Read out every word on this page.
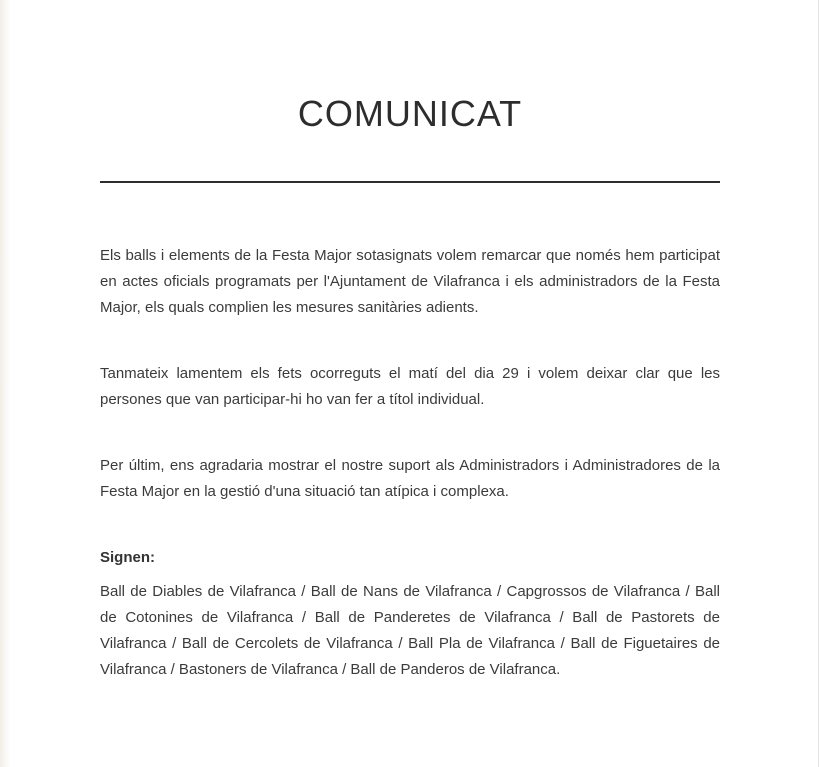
COMUNICAT

Els balls i elements de la Festa Major sotasignats volem remarcar que només hem participat en actes oficials programats per l'Ajuntament de Vilafranca i els administradors de la Festa Major, els quals complien les mesures sanitàries adients.

Tanmateix lamentem els fets ocorreguts el matí del dia 29 i volem deixar clar que les persones que van participar-hi ho van fer a títol individual.

Per últim, ens agradaria mostrar el nostre suport als Administradors i Administradores de la Festa Major en la gestió d'una situació tan atípica i complexa.

Signen:

Ball de Diables de Vilafranca / Ball de Nans de Vilafranca / Capgrossos de Vilafranca / Ball de Cotonines de Vilafranca / Ball de Panderetes de Vilafranca / Ball de Pastorets de Vilafranca / Ball de Cercolets de Vilafranca / Ball Pla de Vilafranca / Ball de Figuetaires de Vilafranca / Bastoners de Vilafranca / Ball de Panderos de Vilafranca.
